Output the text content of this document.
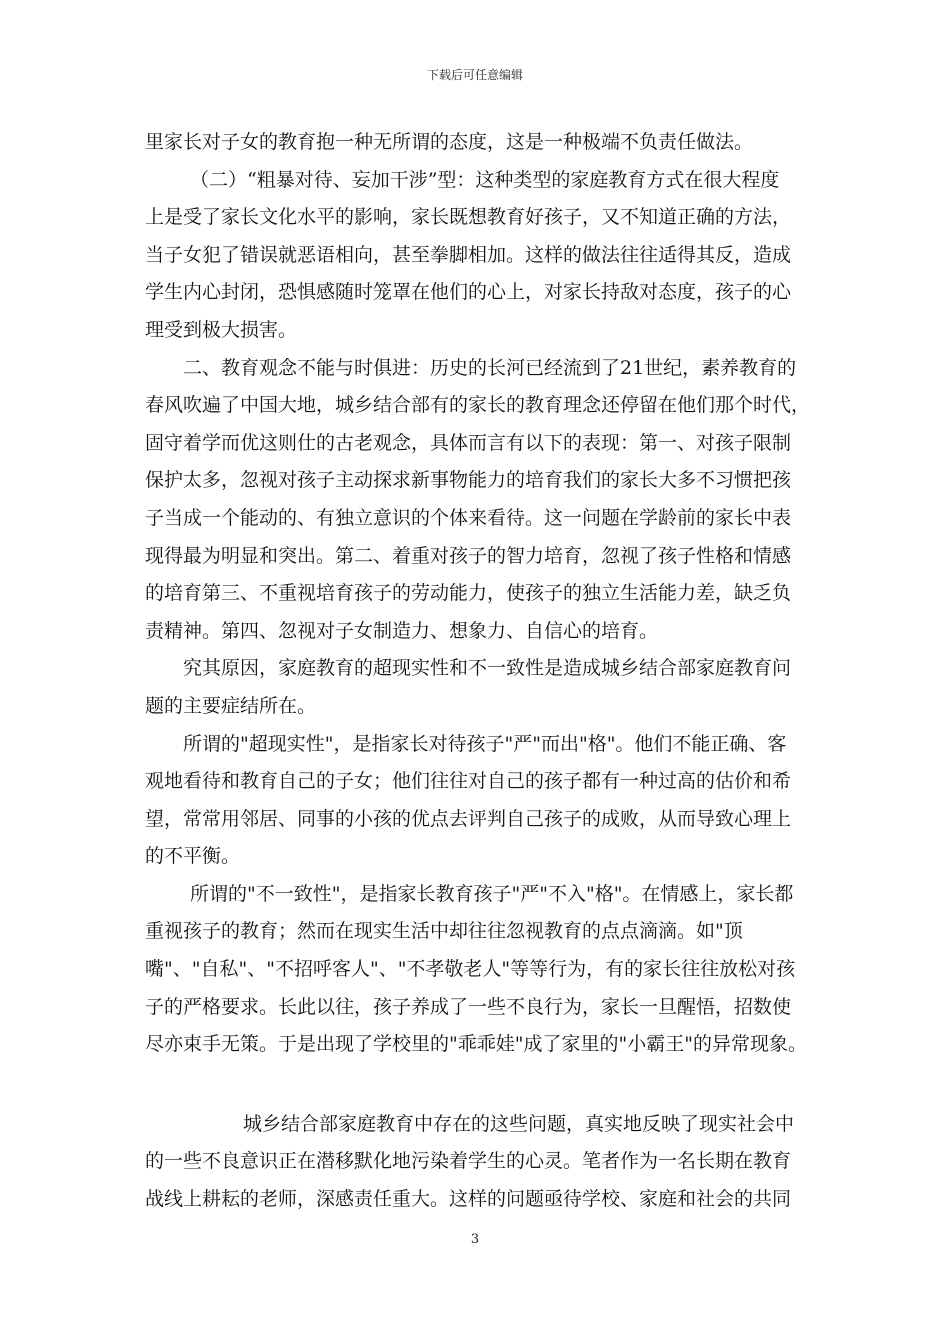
下载后可任意编辑
里家长对子女的教育抱一种无所谓的态度，这是一种极端不负责任做法。
（二）“粗暴对待、妄加干涉”型：这种类型的家庭教育方式在很大程度
上是受了家长文化水平的影响，家长既想教育好孩子，又不知道正确的方法，
当子女犯了错误就恶语相向，甚至拳脚相加。这样的做法往往适得其反，造成
学生内心封闭，恐惧感随时笼罩在他们的心上，对家长持敌对态度，孩子的心
理受到极大损害。
二、教育观念不能与时俱进：历史的长河已经流到了21世纪，素养教育的
春风吹遍了中国大地，城乡结合部有的家长的教育理念还停留在他们那个时代，
固守着学而优这则仕的古老观念，具体而言有以下的表现：第一、对孩子限制
保护太多，忽视对孩子主动探求新事物能力的培育我们的家长大多不习惯把孩
子当成一个能动的、有独立意识的个体来看待。这一问题在学龄前的家长中表
现得最为明显和突出。第二、着重对孩子的智力培育，忽视了孩子性格和情感
的培育第三、不重视培育孩子的劳动能力，使孩子的独立生活能力差，缺乏负
责精神。第四、忽视对子女制造力、想象力、自信心的培育。
究其原因，家庭教育的超现实性和不一致性是造成城乡结合部家庭教育问
题的主要症结所在。
所谓的"超现实性"，是指家长对待孩子"严"而出"格"。他们不能正确、客
观地看待和教育自己的子女；他们往往对自己的孩子都有一种过高的估价和希
望，常常用邻居、同事的小孩的优点去评判自己孩子的成败，从而导致心理上
的不平衡。
所谓的"不一致性"，是指家长教育孩子"严"不入"格"。在情感上，家长都
重视孩子的教育；然而在现实生活中却往往忽视教育的点点滴滴。如"顶
嘴"、"自私"、"不招呼客人"、"不孝敬老人"等等行为，有的家长往往放松对孩
子的严格要求。长此以往，孩子养成了一些不良行为，家长一旦醒悟，招数使
尽亦束手无策。于是出现了学校里的"乖乖娃"成了家里的"小霸王"的异常现象。
城乡结合部家庭教育中存在的这些问题，真实地反映了现实社会中
的一些不良意识正在潜移默化地污染着学生的心灵。笔者作为一名长期在教育
战线上耕耘的老师，深感责任重大。这样的问题亟待学校、家庭和社会的共同
3
